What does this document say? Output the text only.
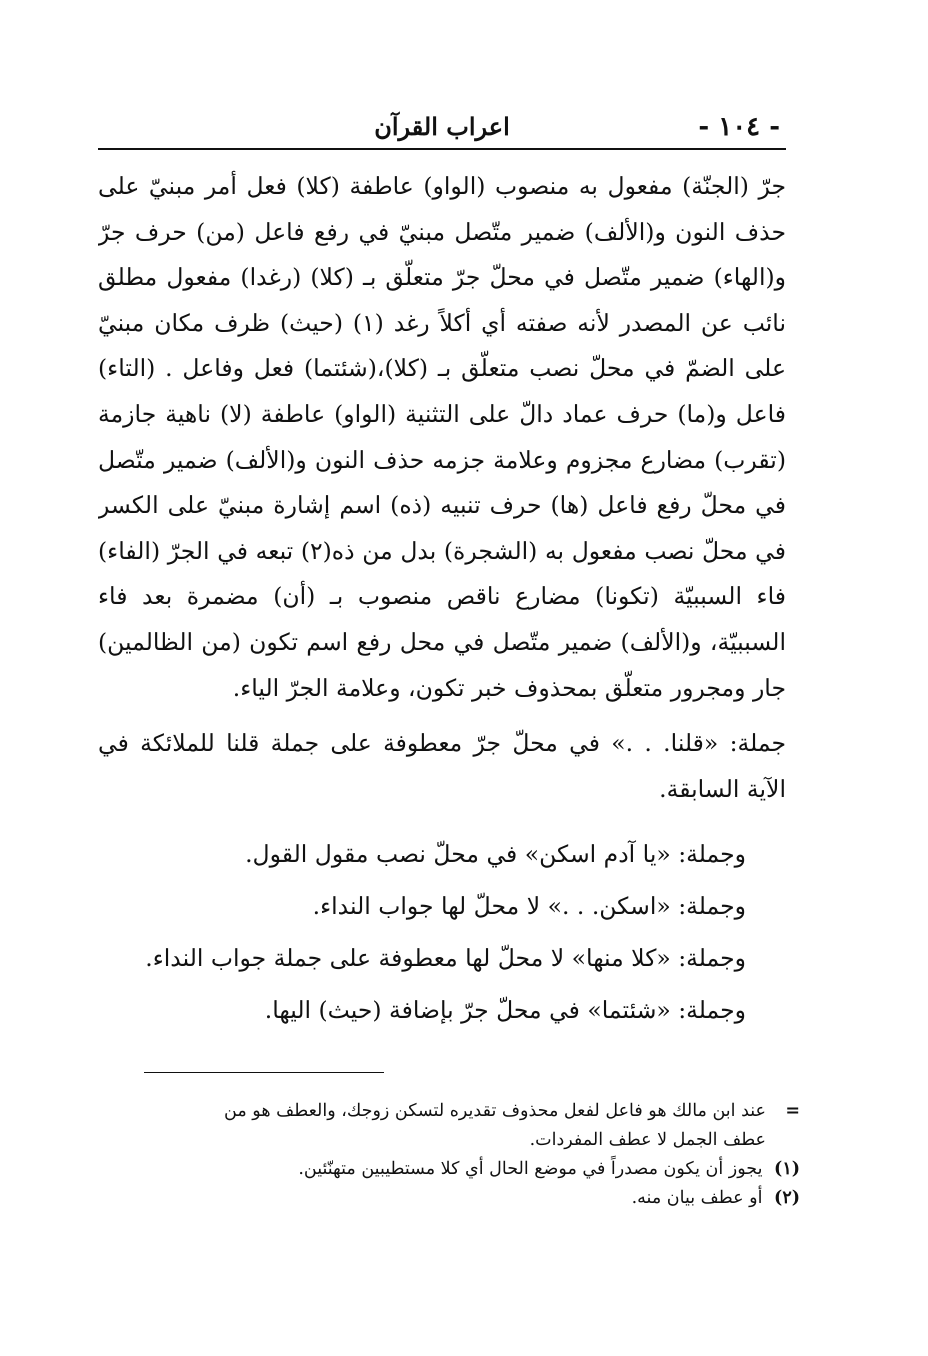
- ١٠٤ -
اعراب القرآن

جرّ (الجنّة) مفعول به منصوب (الواو) عاطفة (كلا) فعل أمر مبنيّ على
حذف النون و(الألف) ضمير متّصل مبنيّ في رفع فاعل (من) حرف جرّ
و(الهاء) ضمير متّصل في محلّ جرّ متعلّق بـ (كلا) (رغدا) مفعول مطلق
نائب عن المصدر لأنه صفته أي أكلاً رغد (١) (حيث) ظرف مكان مبنيّ
على الضمّ في محلّ نصب متعلّق بـ (كلا)،(شئتما) فعل وفاعل . (التاء)
فاعل و(ما) حرف عماد دالّ على التثنية (الواو) عاطفة (لا) ناهية جازمة
(تقرب) مضارع مجزوم وعلامة جزمه حذف النون و(الألف) ضمير متّصل
في محلّ رفع فاعل (ها) حرف تنبيه (ذه) اسم إشارة مبنيّ على الكسر
في محلّ نصب مفعول به (الشجرة) بدل من ذه(٢) تبعه في الجرّ (الفاء)
فاء السببيّة (تكونا) مضارع ناقص منصوب بـ (أن) مضمرة بعد فاء
السببيّة، و(الألف) ضمير متّصل في محل رفع اسم تكون (من الظالمين)
جار ومجرور متعلّق بمحذوف خبر تكون، وعلامة الجرّ الياء.

جملة: «قلنا. . .» في محلّ جرّ معطوفة على جملة قلنا للملائكة في
الآية السابقة.

وجملة: «يا آدم اسكن» في محلّ نصب مقول القول.
وجملة: «اسكن. . .» لا محلّ لها جواب النداء.
وجملة: «كلا منها» لا محلّ لها معطوفة على جملة جواب النداء.
وجملة: «شئتما» في محلّ جرّ بإضافة (حيث) اليها.
=
عند ابن مالك هو فاعل لفعل محذوف تقديره لتسكن زوجك، والعطف هو من
عطف الجمل لا عطف المفردات.
(١) يجوز أن يكون مصدراً في موضع الحال أي كلا مستطيبين متهنّئين.
(٢) أو عطف بيان منه.
